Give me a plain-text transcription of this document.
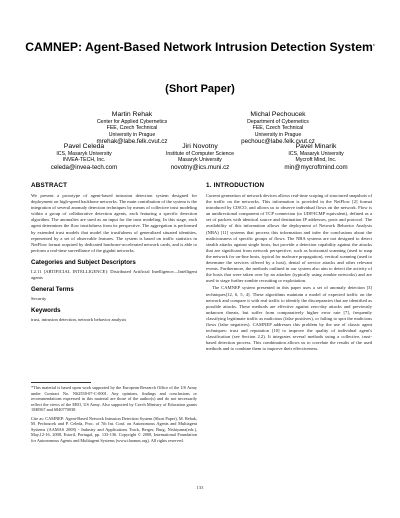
CAMNEP: Agent-Based Network Intrusion Detection System*
(Short Paper)
Martin Rehak
Center for Applied Cybernetics
FEE, Czech Technical
University in Prague
mrehak@labe.felk.cvut.cz
Michal Pechoucek
Department of Cybernetics
FEE, Czech Technical
University in Prague
pechouc@labe.felk.cvut.cz
Pavel Celeda
ICS, Masaryk University
INVEA-TECH, Inc.
celeda@invea-tech.com
Jiri Novotny
Institute of Computer Science
Masaryk University
novotny@ics.muni.cz
Pavel Minarik
ICS, Masaryk University
Mycroft Mind, Inc.
min@mycroftmind.com
ABSTRACT

We present a prototype of agent-based intrusion detection system designed for deployment on high-speed backbone networks. The main contribution of the system is the integration of several anomaly detection techniques by means of collective trust modeling within a group of collaborative detection agents, each featuring a specific detection algorithm. The anomalies are used as an input for the trust modeling. In this stage, each agent determines the flow trustfulness from its perspective. The aggregation is performed by extended trust models that model the trustfulness of generalized situated identities, represented by a set of observable features. The system is based on traffic statistics in NetFlow format acquired by dedicated hardware-accelerated network cards, and is able to perform a real-time surveillance of the gigabit networks.

Categories and Subject Descriptors

I.2.11 [ARTIFICIAL INTELLIGENCE]: Distributed Artificial Intelligence—Intelligent agents

General Terms

Security

Keywords

trust, intrusion detection, network behavior analysis

*This material is based upon work supported by the European Research Office of the US Army under Contract No. N62558-07-C-0001. Any opinions, findings and conclusions or recommendations expressed in this material are those of the author(s) and do not necessarily reflect the views of the ERO, US Army. Also supported by Czech Ministry of Education grants 1M0567 and 6840770038

Cite as: CAMNEP: Agent-Based Network Intrusion Detection System (Short Paper), M. Rehak, M. Pechoucek and P. Celeda, Proc. of 7th Int. Conf. on Autonomous Agents and Multiagent Systems (AAMAS 2008) - Industry and Applications Track, Berger, Burg, Nishiyama(eds.), May,12-16, 2008, Estoril, Portugal, pp. 133-136. Copyright © 2008, International Foundation for Autonomous Agents and Multiagent Systems (www.ifaamas.org). All rights reserved.

1. INTRODUCTION

Current generation of network devices allows real-time scoping of structured snapshots of the traffic on the networks. This information is provided in the NetFlow [2] format introduced by CISCO, and allows us to observe individual flows on the network. Flow is an unidirectional component of TCP connection (or UDP/ICMP equivalent), defined as a set of packets with identical source and destination IP addresses, ports and protocol. The availability of this information allows the deployment of Network Behavior Analysis (NBA) [11] systems that process this information and infer the conclusions about the maliciousness of specific groups of flows. The NBA systems are not designed to detect stealth attacks against single hosts, but provide a detection capability against the attacks that are significant from network perspective, such as horizontal scanning (used to map the network for on-line hosts, typical for malware propagation), vertical scanning (used to determine the services offered by a host), denial of service attacks and other relevant events. Furthermore, the methods outlined in our system also aim to detect the activity of the hosts that were taken over by an attacker (typically using zombie networks) and are used to stage further zombie recruiting or exploitation.

The CAMNEP system presented in this paper uses a set of anomaly detection [3] techniques[12, 6, 5, 4]. These algorithms maintain a model of expected traffic on the network and compare it with real traffic to identify the discrepancies that are identified as possible attacks. These methods are effective against zero-day attacks and previously unknown threats, but suffer from comparatively higher error rate [7], frequently classifying legitimate traffic as malicious (false positives), or failing to spot the malicious flows (false negatives). CAMNEP addresses this problem by the use of classic agent techniques: trust and reputation [10] to improve the quality of individual agent's classification (see Section 2.2). It integrates several methods using a collective, trust-based detection process. This combination allows us to correlate the results of the used methods and to combine them to improve their effectiveness.

133
